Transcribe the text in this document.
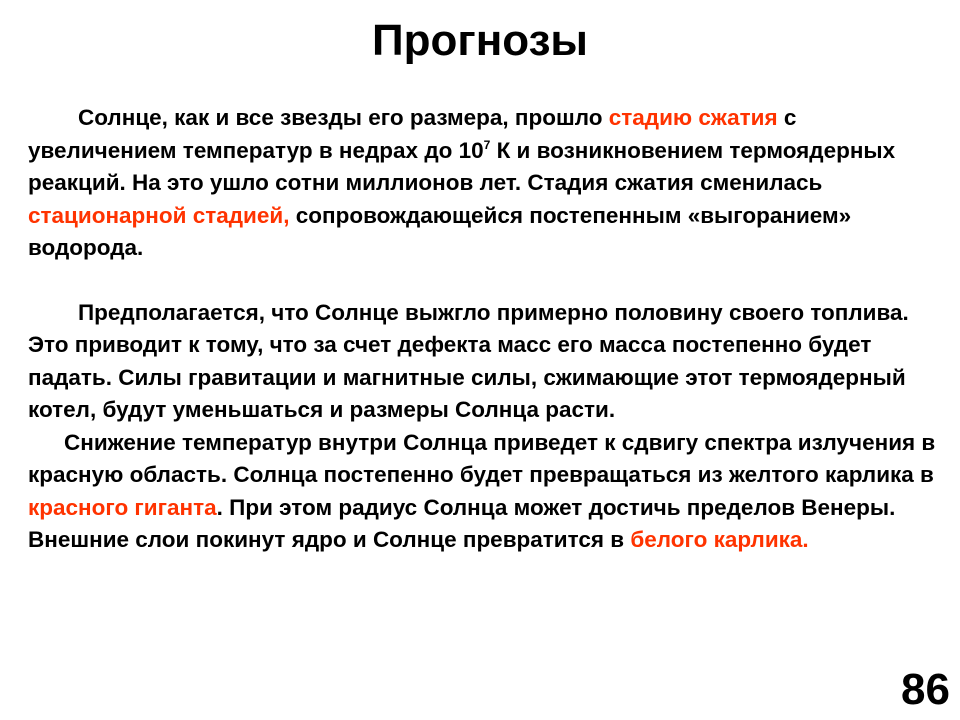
Прогнозы

Солнце, как и все звезды его размера, прошло стадию сжатия с увеличением температур в недрах до $10^7$ К и возникновением термоядерных реакций. На это ушло сотни миллионов лет. Стадия сжатия сменилась стационарной стадией, сопровождающейся постепенным «выгоранием» водорода.

Предполагается, что Солнце выжгло примерно половину своего топлива. Это приводит к тому, что за счет дефекта масс его масса постепенно будет падать. Силы гравитации и магнитные силы, сжимающие этот термоядерный котел, будут уменьшаться и размеры Солнца расти.

Снижение температур внутри Солнца приведет к сдвигу спектра излучения в красную область. Солнца постепенно будет превращаться из желтого карлика в красного гиганта. При этом радиус Солнца может достичь пределов Венеры. Внешние слои покинут ядро и Солнце превратится в белого карлика.

86
